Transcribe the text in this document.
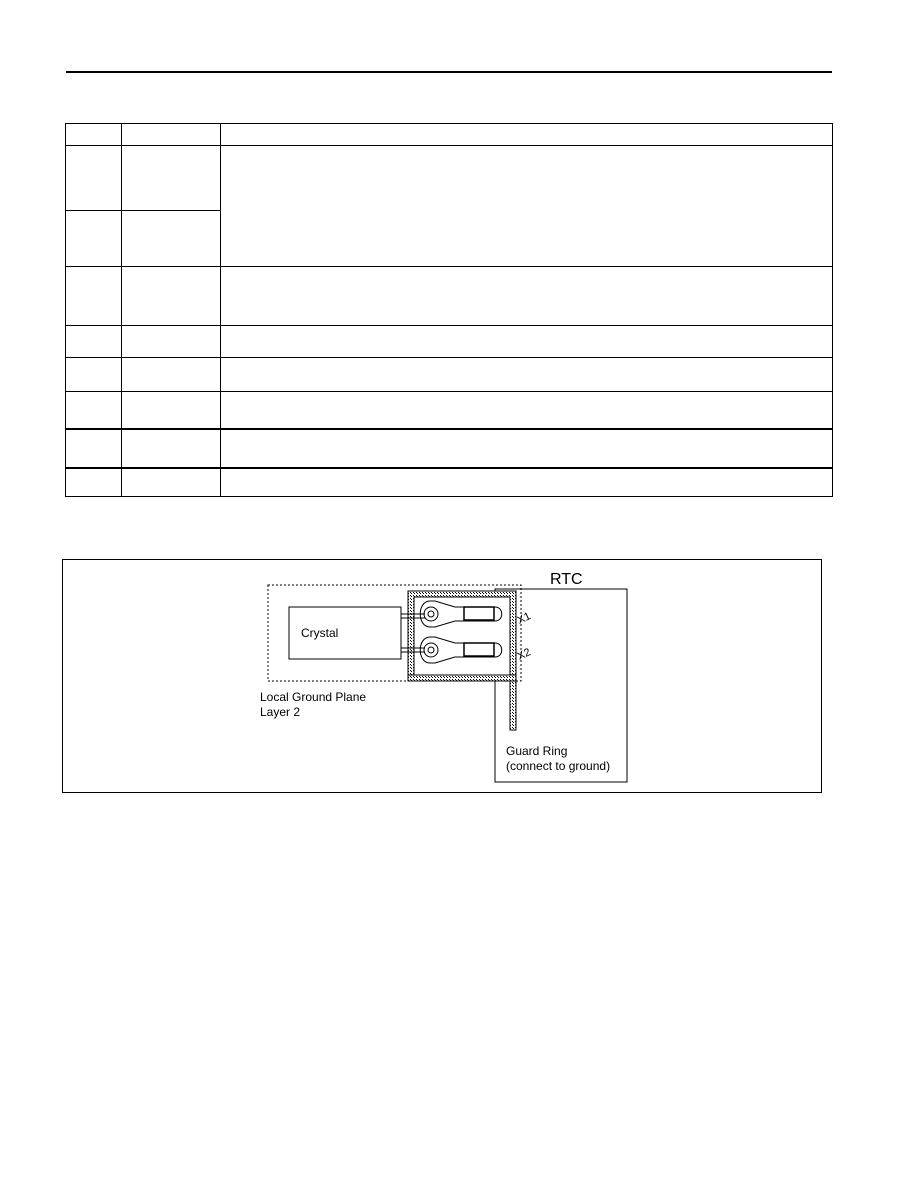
RTC
Crystal
X1
X2
Local Ground Plane
Layer 2
Guard Ring
(connect to ground)
